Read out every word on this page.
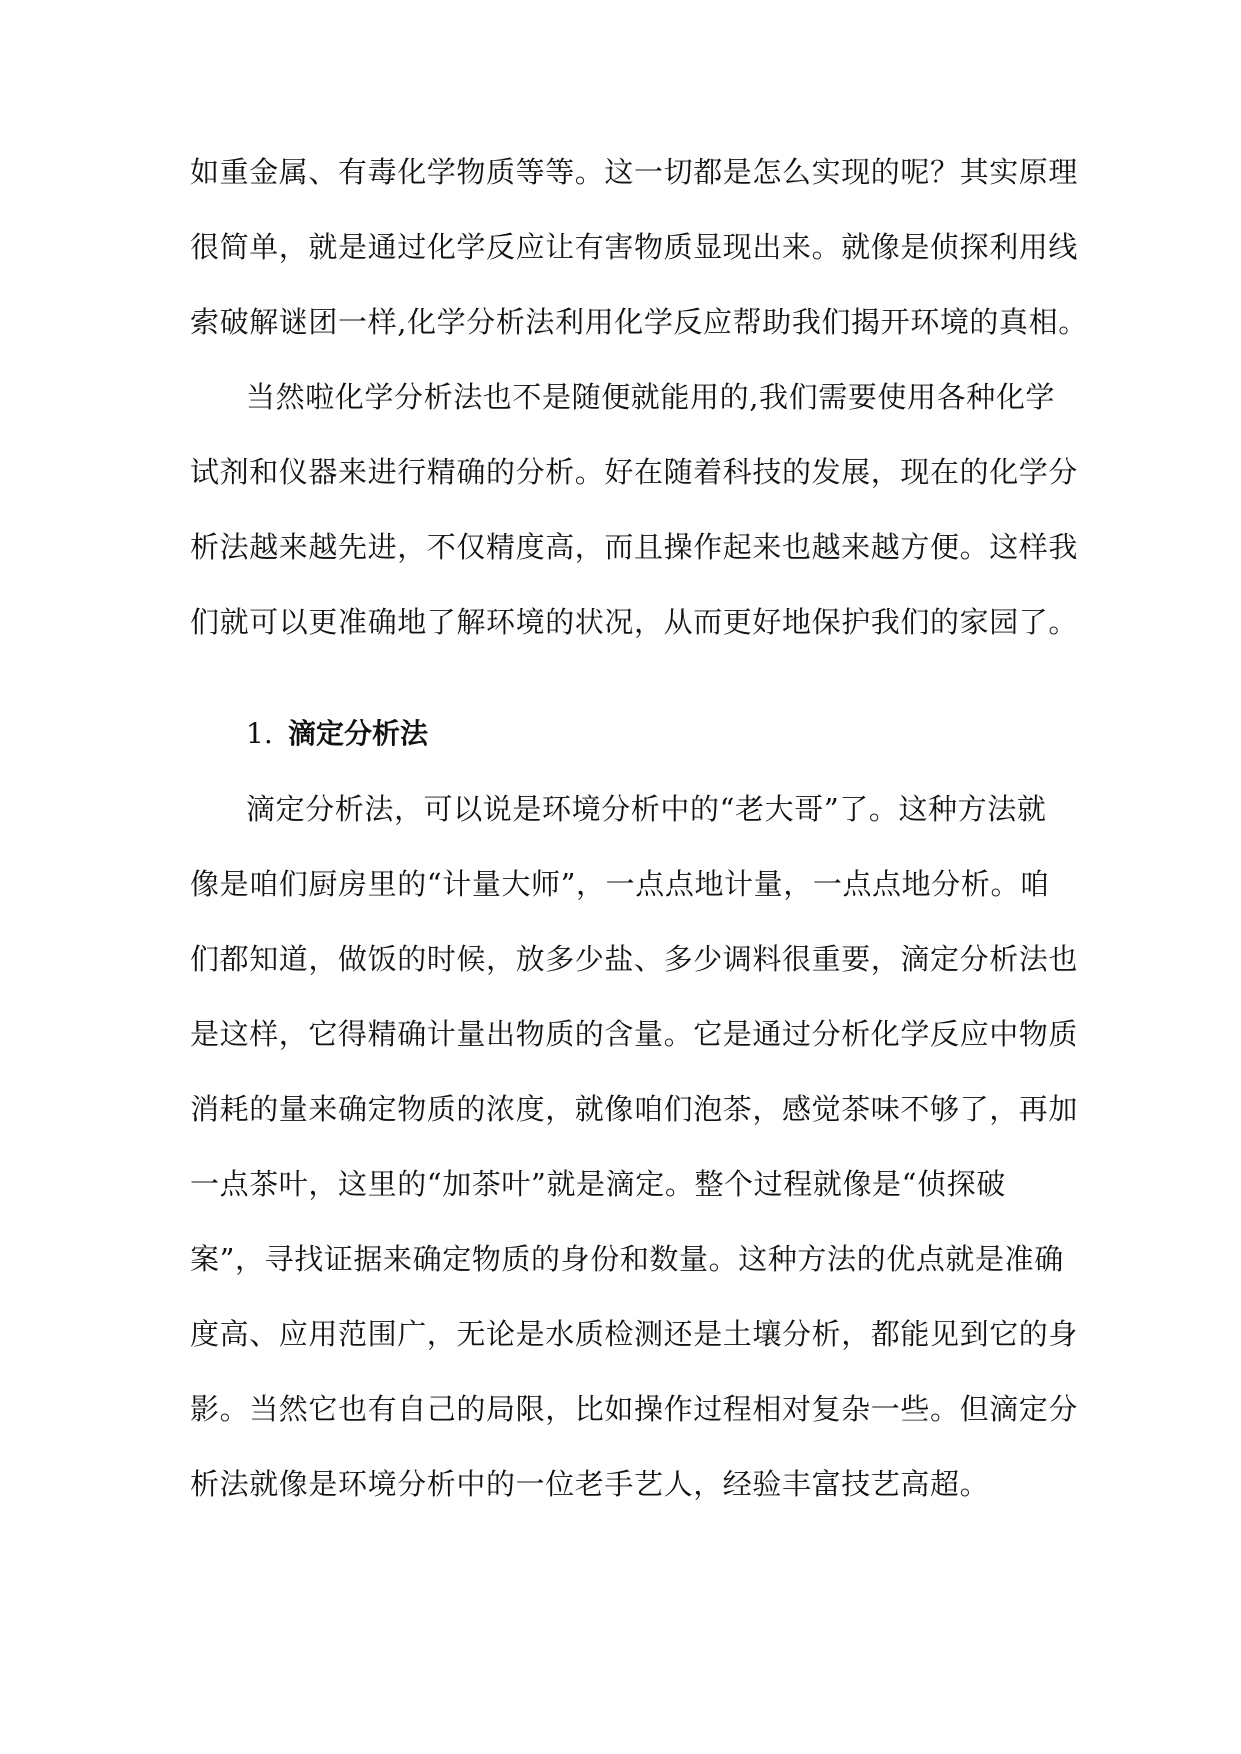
如重金属、有毒化学物质等等。这一切都是怎么实现的呢？其实原理
很简单，就是通过化学反应让有害物质显现出来。就像是侦探利用线
索破解谜团一样,化学分析法利用化学反应帮助我们揭开环境的真相。
当然啦化学分析法也不是随便就能用的,我们需要使用各种化学
试剂和仪器来进行精确的分析。好在随着科技的发展，现在的化学分
析法越来越先进，不仅精度高，而且操作起来也越来越方便。这样我
们就可以更准确地了解环境的状况，从而更好地保护我们的家园了。
1. 滴定分析法
滴定分析法，可以说是环境分析中的“老大哥”了。这种方法就
像是咱们厨房里的“计量大师”，一点点地计量，一点点地分析。咱
们都知道，做饭的时候，放多少盐、多少调料很重要，滴定分析法也
是这样，它得精确计量出物质的含量。它是通过分析化学反应中物质
消耗的量来确定物质的浓度，就像咱们泡茶，感觉茶味不够了，再加
一点茶叶，这里的“加茶叶”就是滴定。整个过程就像是“侦探破
案”，寻找证据来确定物质的身份和数量。这种方法的优点就是准确
度高、应用范围广，无论是水质检测还是土壤分析，都能见到它的身
影。当然它也有自己的局限，比如操作过程相对复杂一些。但滴定分
析法就像是环境分析中的一位老手艺人，经验丰富技艺高超。
